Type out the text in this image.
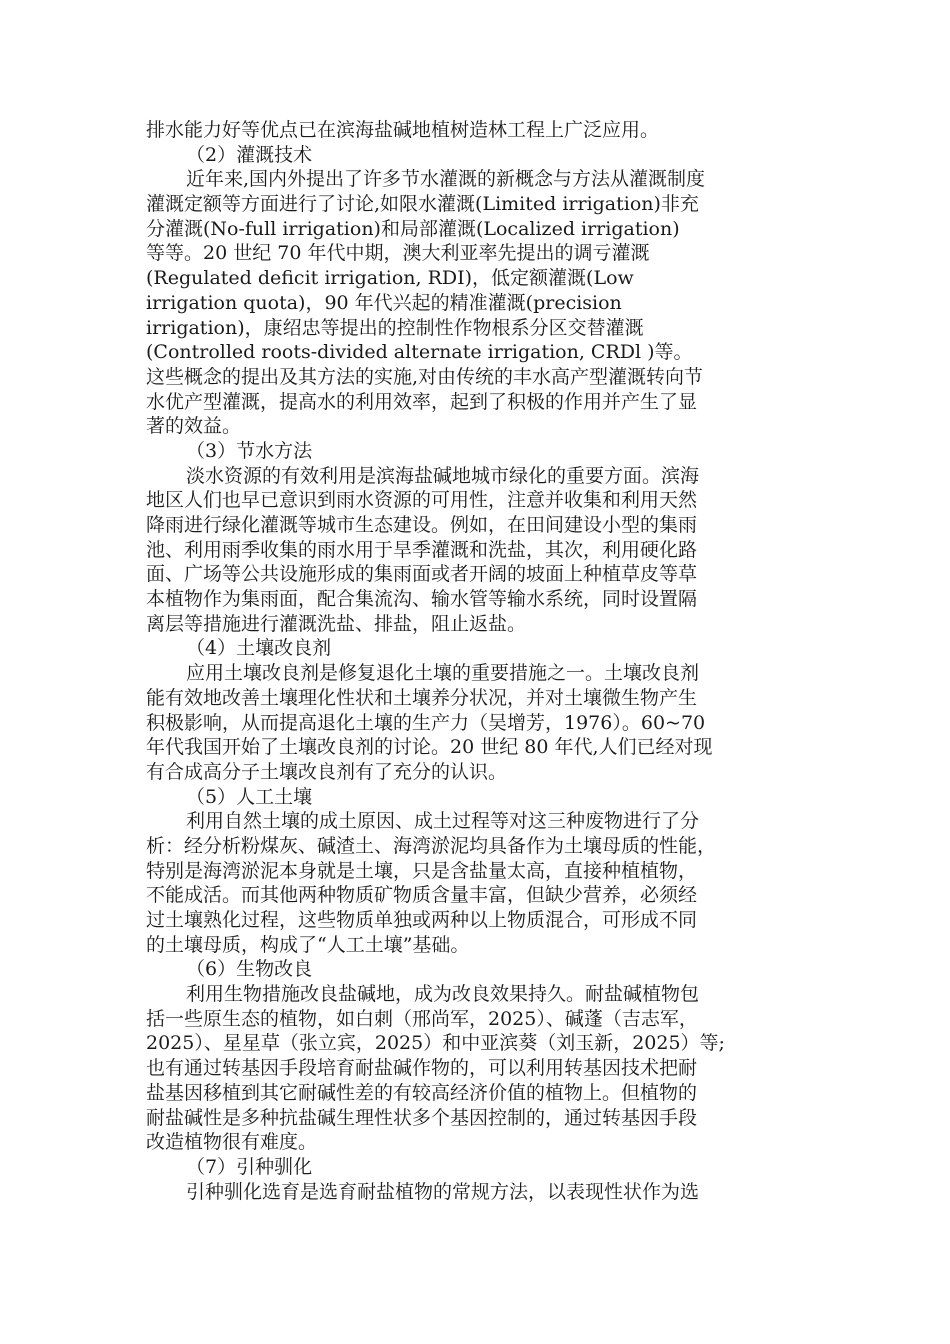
排水能力好等优点已在滨海盐碱地植树造林工程上广泛应用。
（2）灌溉技术
近年来,国内外提出了许多节水灌溉的新概念与方法从灌溉制度
灌溉定额等方面进行了讨论,如限水灌溉(Limited irrigation)非充
分灌溉(No-full irrigation)和局部灌溉(Localized irrigation)
等等。20 世纪 70 年代中期，澳大利亚率先提出的调亏灌溉
(Regulated deficit irrigation, RDI)，低定额灌溉(Low
irrigation quota)，90 年代兴起的精准灌溉(precision
irrigation)，康绍忠等提出的控制性作物根系分区交替灌溉
(Controlled roots-divided alternate irrigation, CRDl )等。
这些概念的提出及其方法的实施,对由传统的丰水高产型灌溉转向节
水优产型灌溉，提高水的利用效率，起到了积极的作用并产生了显
著的效益。
（3）节水方法
淡水资源的有效利用是滨海盐碱地城市绿化的重要方面。滨海
地区人们也早已意识到雨水资源的可用性，注意并收集和利用天然
降雨进行绿化灌溉等城市生态建设。例如，在田间建设小型的集雨
池、利用雨季收集的雨水用于旱季灌溉和洗盐，其次，利用硬化路
面、广场等公共设施形成的集雨面或者开阔的坡面上种植草皮等草
本植物作为集雨面，配合集流沟、输水管等输水系统，同时设置隔
离层等措施进行灌溉洗盐、排盐，阻止返盐。
（4）土壤改良剂
应用土壤改良剂是修复退化土壤的重要措施之一。土壤改良剂
能有效地改善土壤理化性状和土壤养分状况，并对土壤微生物产生
积极影响，从而提高退化土壤的生产力（吴增芳，1976）。60~70
年代我国开始了土壤改良剂的讨论。20 世纪 80 年代,人们已经对现
有合成高分子土壤改良剂有了充分的认识。
（5）人工土壤
利用自然土壤的成土原因、成土过程等对这三种废物进行了分
析：经分析粉煤灰、碱渣土、海湾淤泥均具备作为土壤母质的性能，
特别是海湾淤泥本身就是土壤，只是含盐量太高，直接种植植物，
不能成活。而其他两种物质矿物质含量丰富，但缺少营养，必须经
过土壤熟化过程，这些物质单独或两种以上物质混合，可形成不同
的土壤母质，构成了“人工土壤”基础。
（6）生物改良
利用生物措施改良盐碱地，成为改良效果持久。耐盐碱植物包
括一些原生态的植物，如白刺（邢尚军，2025）、碱蓬（吉志军，
2025）、星星草（张立宾，2025）和中亚滨葵（刘玉新，2025）等;
也有通过转基因手段培育耐盐碱作物的，可以利用转基因技术把耐
盐基因移植到其它耐碱性差的有较高经济价值的植物上。但植物的
耐盐碱性是多种抗盐碱生理性状多个基因控制的，通过转基因手段
改造植物很有难度。
（7）引种驯化
引种驯化选育是选育耐盐植物的常规方法，以表现性状作为选
